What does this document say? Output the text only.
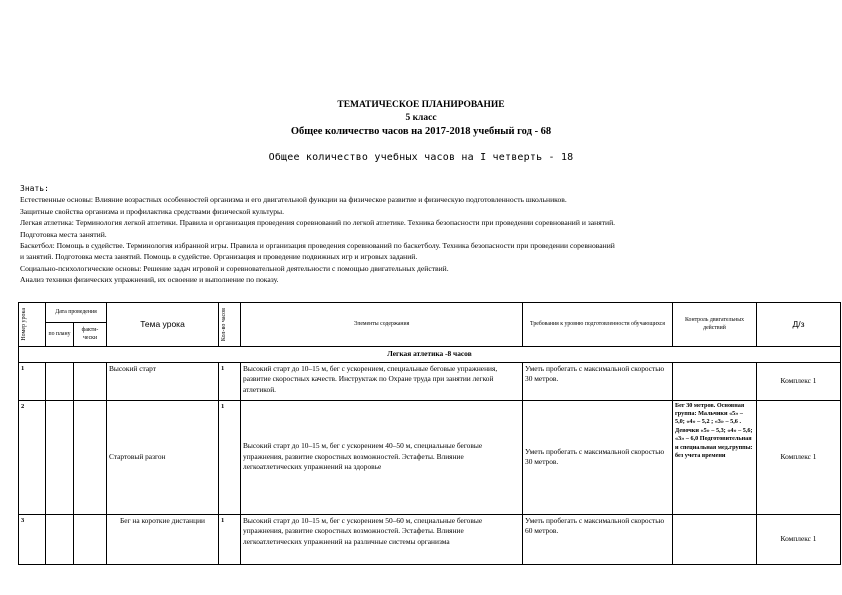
ТЕМАТИЧЕСКОЕ ПЛАНИРОВАНИЕ
5 класс
Общее количество часов на 2017-2018 учебный год - 68
Общее количество учебных часов на I четверть - 18

Знать:

Естественные основы: Влияние возрастных особенностей организма и его двигательной функции на физическое развитие и физическую подготовленность школьников.

Защитные свойства организма и профилактика средствами физической культуры.

Легкая атлетика: Терминология легкой атлетики. Правила и организация проведения соревнований по легкой атлетике. Техника безопасности при проведении соревнований и занятий.

Подготовка места занятий.

Баскетбол: Помощь в судействе. Терминология избранной игры. Правила и организация проведения соревнований по баскетболу. Техника безопасности при проведении соревнований

и занятий. Подготовка места занятий. Помощь в судействе. Организация и проведение подвижных игр и игровых заданий.

Социально-психологические основы: Решение задач игровой и соревновательной деятельности с помощью двигательных действий.

Анализ техники физических упражнений, их освоение и выполнение по показу.

Номер урока	Дата проведения		Тема урока	Кол-во часов	Элементы содержания	Требования к уровню подготовленности обучающихся	Контроль двигательных действий	Д/з
	по плану	факти-чески						
Легкая атлетика -8 часов								
1			Высокий старт	1	Высокий старт до 10–15 м, бег с ускорением, специальные беговые упражнения, развитие скоростных качеств. Инструктаж по Охране труда при занятии легкой атлетикой.	Уметь пробегать с максимальной скоростью 30 метров.		Комплекс 1
2			Стартовый разгон	1	Высокий старт до 10–15 м, бег с ускорением 40–50 м, специальные беговые упражнения, развитие скоростных возможностей. Эстафеты. Влияние легкоатлетических упражнений на здоровье	Уметь пробегать с максимальной скоростью 30 метров.	Бег 30 метров. Основная группа: Мальчики «5» – 5,0; «4» – 5,2 ; «3» – 5,6 . Девочки «5» – 5,3; «4» – 5,6; «3» – 6,0 Подготовительная и специальная мед.группы: без учета времени	Комплекс 1
3			Бег на короткие дистанции	1	Высокий старт до 10–15 м, бег с ускорением 50–60 м, специальные беговые упражнения, развитие скоростных возможностей. Эстафеты. Влияние легкоатлетических упражнений на различные системы организма	Уметь пробегать с максимальной скоростью 60 метров.		Комплекс 1
